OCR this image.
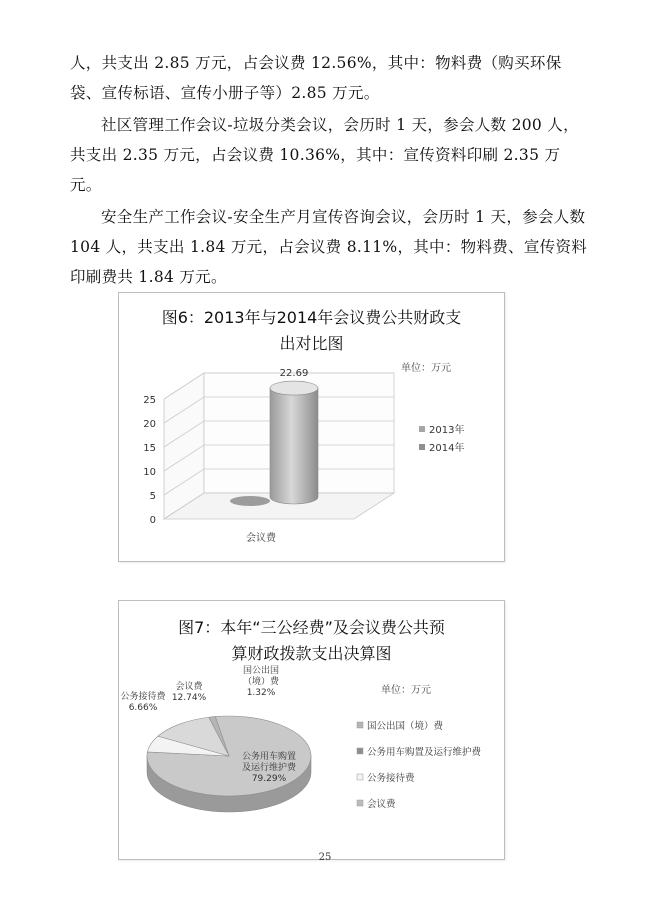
人，共支出 2.85 万元，占会议费 12.56%，其中：物料费（购买环保袋、宣传标语、宣传小册子等）2.85 万元。

社区管理工作会议-垃圾分类会议，会历时 1 天，参会人数 200 人，共支出 2.35 万元，占会议费 10.36%，其中：宣传资料印刷 2.35 万元。

安全生产工作会议-安全生产月宣传咨询会议，会历时 1 天，参会人数 104 人，共支出 1.84 万元，占会议费 8.11%，其中：物料费、宣传资料印刷费共 1.84 万元。

图6：2013年与2014年会议费公共财政支
出对比图

单位：万元
0
5
10
15
20
25
22.69
会议费
2013年
2014年

图7：本年“三公经费”及会议费公共预
算财政拨款支出决算图

单位：万元
国公出国
（境）费
1.32%
公务用车购置
及运行维护费
79.29%
公务接待费
6.66%
会议费
12.74%
国公出国（境）费
公务用车购置及运行维护费
公务接待费
会议费
25
